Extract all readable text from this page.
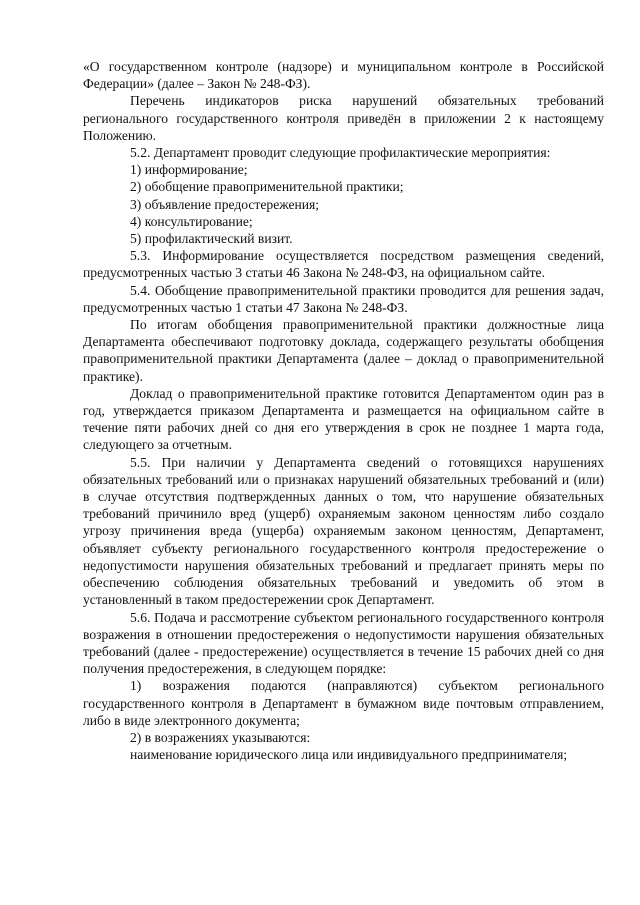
«О государственном контроле (надзоре) и муниципальном контроле в Российской Федерации» (далее – Закон № 248-ФЗ).

Перечень индикаторов риска нарушений обязательных требований регионального государственного контроля приведён в приложении 2 к настоящему Положению.

5.2. Департамент проводит следующие профилактические мероприятия:

1) информирование;

2) обобщение правоприменительной практики;

3) объявление предостережения;

4) консультирование;

5) профилактический визит.

5.3. Информирование осуществляется посредством размещения сведений, предусмотренных частью 3 статьи 46 Закона № 248-ФЗ, на официальном сайте.

5.4. Обобщение правоприменительной практики проводится для решения задач, предусмотренных частью 1 статьи 47 Закона № 248-ФЗ.

По итогам обобщения правоприменительной практики должностные лица Департамента обеспечивают подготовку доклада, содержащего результаты обобщения правоприменительной практики Департамента (далее – доклад о правоприменительной практике).

Доклад о правоприменительной практике готовится Департаментом один раз в год, утверждается приказом Департамента и размещается на официальном сайте в течение пяти рабочих дней со дня его утверждения в срок не позднее 1 марта года, следующего за отчетным.

5.5. При наличии у Департамента сведений о готовящихся нарушениях обязательных требований или о признаках нарушений обязательных требований и (или) в случае отсутствия подтвержденных данных о том, что нарушение обязательных требований причинило вред (ущерб) охраняемым законом ценностям либо создало угрозу причинения вреда (ущерба) охраняемым законом ценностям, Департамент, объявляет субъекту регионального государственного контроля предостережение о недопустимости нарушения обязательных требований и предлагает принять меры по обеспечению соблюдения обязательных требований и уведомить об этом в установленный в таком предостережении срок Департамент.

5.6. Подача и рассмотрение субъектом регионального государственного контроля возражения в отношении предостережения о недопустимости нарушения обязательных требований (далее - предостережение) осуществляется в течение 15 рабочих дней со дня получения предостережения, в следующем порядке:

1) возражения подаются (направляются) субъектом регионального государственного контроля в Департамент в бумажном виде почтовым отправлением, либо в виде электронного документа;

2) в возражениях указываются:

наименование юридического лица или индивидуального предпринимателя;
